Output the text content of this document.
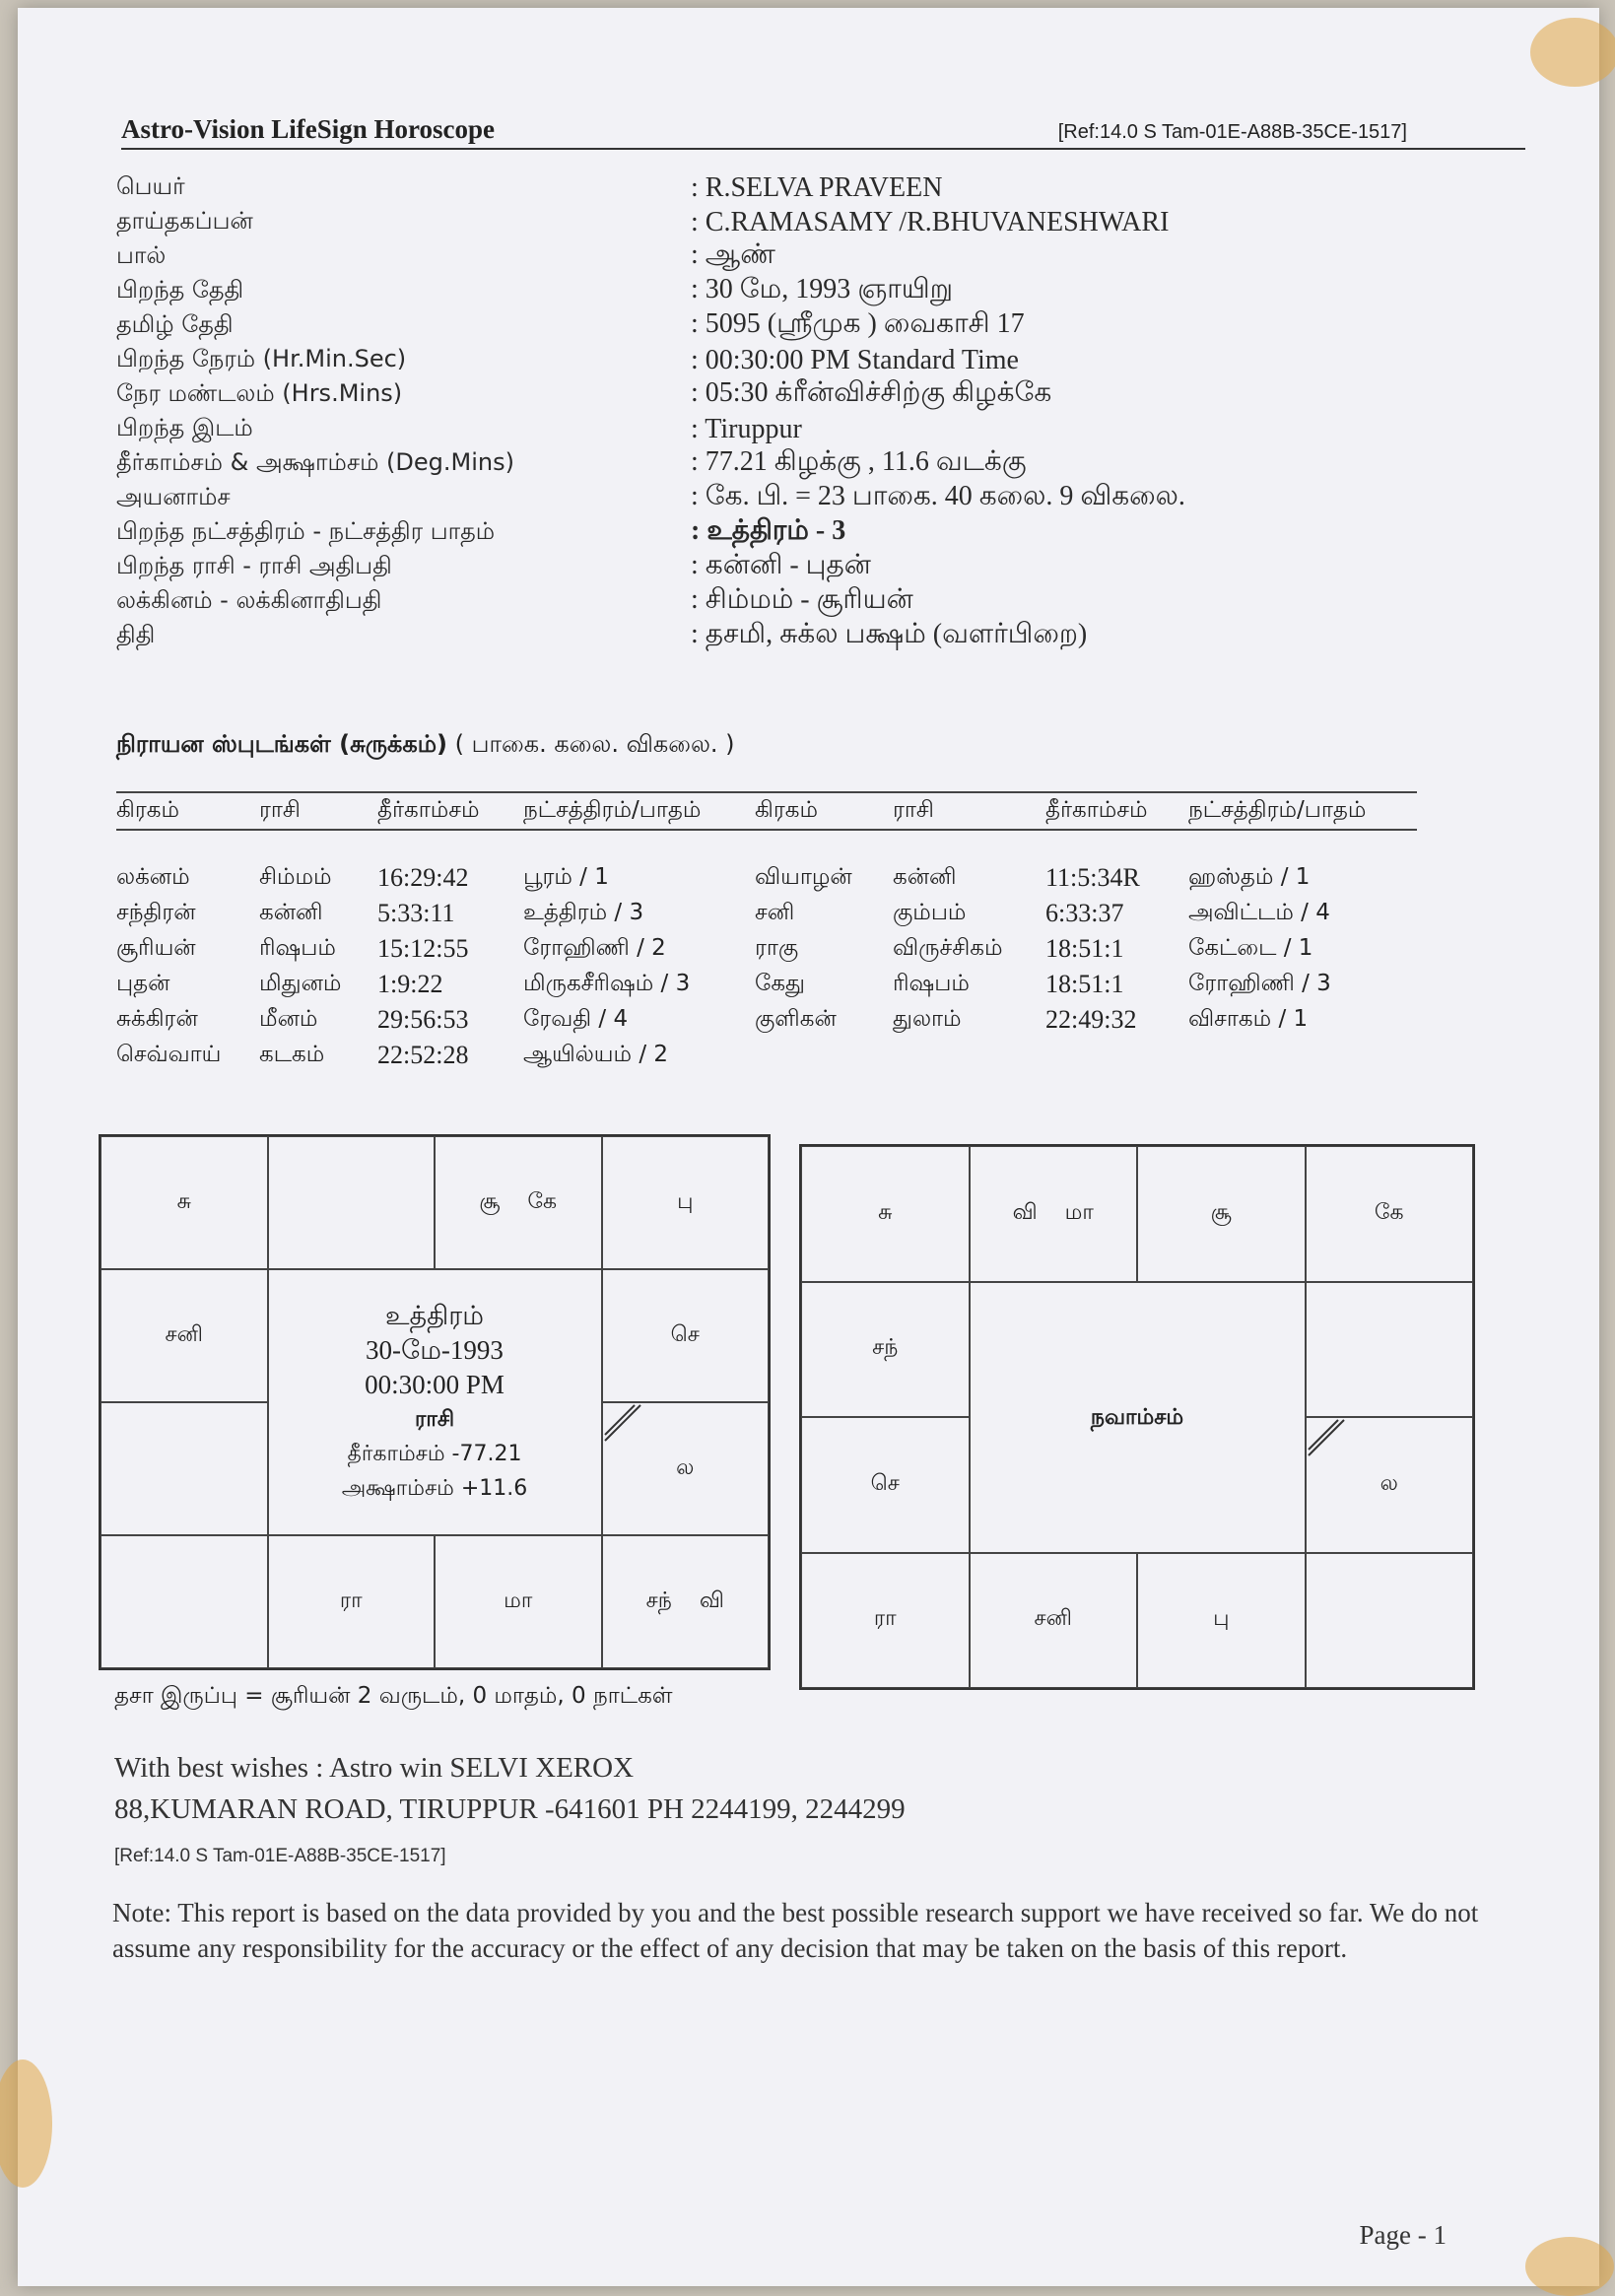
Astro-Vision LifeSign Horoscope	[Ref:14.0 S Tam-01E-A88B-35CE-1517]
பெயர்	: R.SELVA PRAVEEN
தாய்தகப்பன்	: C.RAMASAMY /R.BHUVANESHWARI
பால்	: ஆண்
பிறந்த தேதி	: 30 மே, 1993 ஞாயிறு
தமிழ் தேதி	: 5095 (ஸ்ரீமுக ) வைகாசி 17
பிறந்த நேரம் (Hr.Min.Sec)	: 00:30:00 PM Standard Time
நேர மண்டலம் (Hrs.Mins)	: 05:30 க்ரீன்விச்சிற்கு கிழக்கே
பிறந்த இடம்	: Tiruppur
தீர்காம்சம் & அக்ஷாம்சம் (Deg.Mins)	: 77.21 கிழக்கு , 11.6 வடக்கு
அயனாம்ச	: கே. பி. = 23 பாகை. 40 கலை. 9 விகலை.
பிறந்த நட்சத்திரம் - நட்சத்திர பாதம்	: உத்திரம் - 3
பிறந்த ராசி - ராசி அதிபதி	: கன்னி - புதன்
லக்கினம் - லக்கினாதிபதி	: சிம்மம் - சூரியன்
திதி	: தசமி, சுக்ல பக்ஷம் (வளர்பிறை)
நிராயன ஸ்புடங்கள் (சுருக்கம்) ( பாகை. கலை. விகலை. )
கிரகம்	ராசி	தீர்காம்சம்	நட்சத்திரம்/பாதம்	கிரகம்	ராசி	தீர்காம்சம்	நட்சத்திரம்/பாதம்
லக்னம்	சிம்மம்	16:29:42	பூரம் / 1	வியாழன்	கன்னி	11:5:34R	ஹஸ்தம் / 1
சந்திரன்	கன்னி	5:33:11	உத்திரம் / 3	சனி	கும்பம்	6:33:37	அவிட்டம் / 4
சூரியன்	ரிஷபம்	15:12:55	ரோஹிணி / 2	ராகு	விருச்சிகம்	18:51:1	கேட்டை / 1
புதன்	மிதுனம்	1:9:22	மிருகசீரிஷம் / 3	கேது	ரிஷபம்	18:51:1	ரோஹிணி / 3
சுக்கிரன்	மீனம்	29:56:53	ரேவதி / 4	குளிகன்	துலாம்	22:49:32	விசாகம் / 1
செவ்வாய்	கடகம்	22:52:28	ஆயில்யம் / 2
சு	சூ கே	பு
சனி
உத்திரம்
30-மே-1993
00:30:00 PM
ராசி
தீர்காம்சம் -77.21
அக்ஷாம்சம் +11.6
செ
ல
ரா	மா	சந் வி
சு	வி மா	சூ	கே
சந்
நவாம்சம்
செ	ல
ரா	சனி	பு
தசா இருப்பு = சூரியன் 2 வருடம், 0 மாதம், 0 நாட்கள்
With best wishes : Astro win SELVI XEROX
88,KUMARAN ROAD, TIRUPPUR -641601 PH 2244199, 2244299
[Ref:14.0 S Tam-01E-A88B-35CE-1517]
Note: This report is based on the data provided by you and the best possible research support we have received so far. We do not assume any responsibility for the accuracy or the effect of any decision that may be taken on the basis of this report.
Page - 1
